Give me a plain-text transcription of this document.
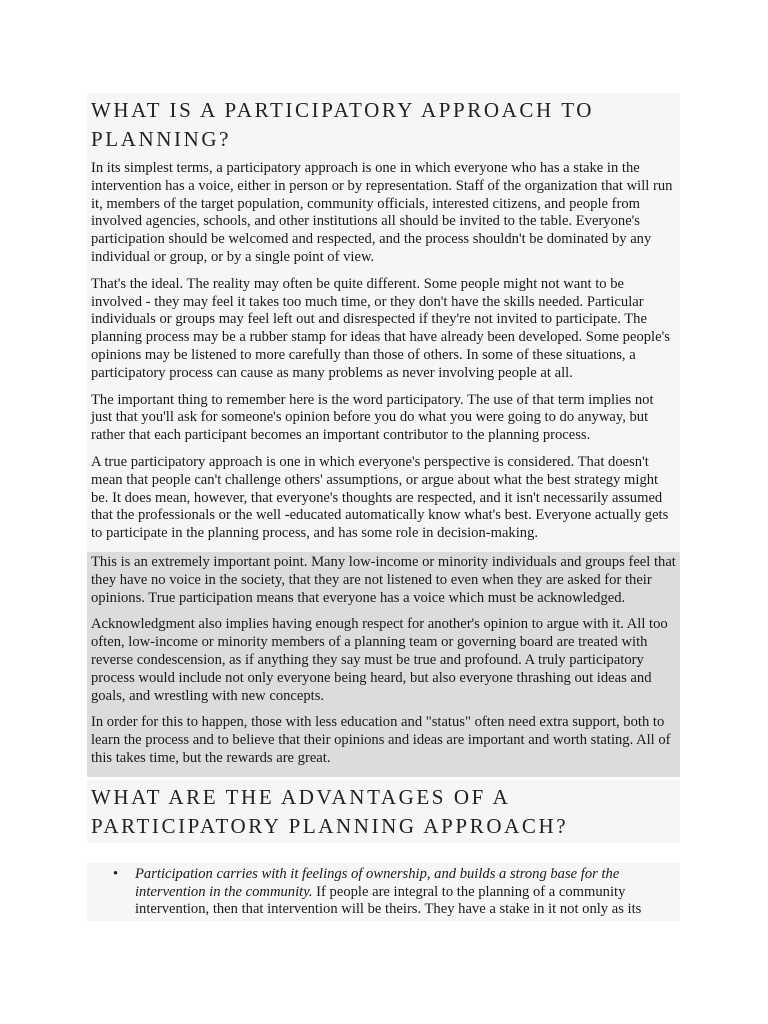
WHAT IS A PARTICIPATORY APPROACH TO PLANNING?

In its simplest terms, a participatory approach is one in which everyone who has a stake in the intervention has a voice, either in person or by representation. Staff of the organization that will run it, members of the target population, community officials, interested citizens, and people from involved agencies, schools, and other institutions all should be invited to the table. Everyone's participation should be welcomed and respected, and the process shouldn't be dominated by any individual or group, or by a single point of view.

That's the ideal. The reality may often be quite different. Some people might not want to be involved - they may feel it takes too much time, or they don't have the skills needed. Particular individuals or groups may feel left out and disrespected if they're not invited to participate. The planning process may be a rubber stamp for ideas that have already been developed. Some people's opinions may be listened to more carefully than those of others. In some of these situations, a participatory process can cause as many problems as never involving people at all.

The important thing to remember here is the word participatory. The use of that term implies not just that you'll ask for someone's opinion before you do what you were going to do anyway, but rather that each participant becomes an important contributor to the planning process.

A true participatory approach is one in which everyone's perspective is considered. That doesn't mean that people can't challenge others' assumptions, or argue about what the best strategy might be. It does mean, however, that everyone's thoughts are respected, and it isn't necessarily assumed that the professionals or the well -educated automatically know what's best. Everyone actually gets to participate in the planning process, and has some role in decision-making.

This is an extremely important point. Many low-income or minority individuals and groups feel that they have no voice in the society, that they are not listened to even when they are asked for their opinions. True participation means that everyone has a voice which must be acknowledged.

Acknowledgment also implies having enough respect for another's opinion to argue with it. All too often, low-income or minority members of a planning team or governing board are treated with reverse condescension, as if anything they say must be true and profound. A truly participatory process would include not only everyone being heard, but also everyone thrashing out ideas and goals, and wrestling with new concepts.

In order for this to happen, those with less education and "status" often need extra support, both to learn the process and to believe that their opinions and ideas are important and worth stating. All of this takes time, but the rewards are great.

WHAT ARE THE ADVANTAGES OF A PARTICIPATORY PLANNING APPROACH?
• Participation carries with it feelings of ownership, and builds a strong base for the intervention in the community. If people are integral to the planning of a community intervention, then that intervention will be theirs. They have a stake in it not only as its
